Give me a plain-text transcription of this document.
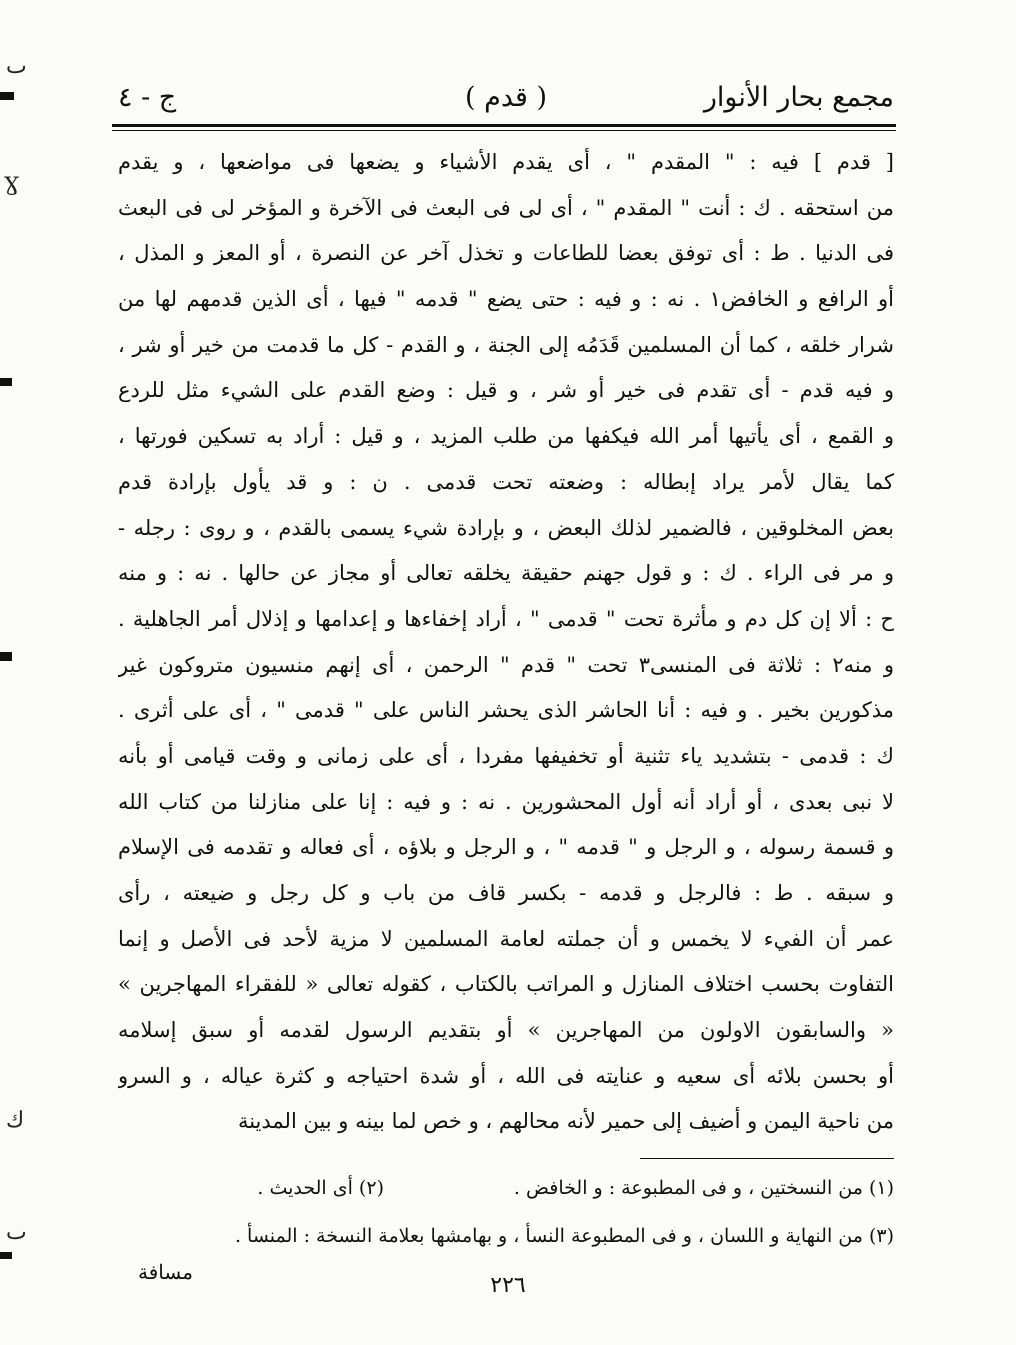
مجمع بحار الأنوار
( قدم )
ج - ٤
[ قدم ] فيه : " المقدم " ، أى يقدم الأشياء و يضعها فى مواضعها ، و يقدم
من استحقه . ك : أنت " المقدم " ، أى لى فى البعث فى الآخرة و المؤخر لى فى البعث
فى الدنيا . ط : أى توفق بعضا للطاعات و تخذل آخر عن النصرة ، أو المعز و المذل ،
أو الرافع و الخافض١ . نه : و فيه : حتى يضع " قدمه " فيها ، أى الذين قدمهم لها من
شرار خلقه ، كما أن المسلمين قَدَمُه إلى الجنة ، و القدم - كل ما قدمت من خير أو شر ،
و فيه قدم - أى تقدم فى خير أو شر ، و قيل : وضع القدم على الشيء مثل للردع
و القمع ، أى يأتيها أمر الله فيكفها من طلب المزيد ، و قيل : أراد به تسكين فورتها ،
كما يقال لأمر يراد إبطاله : وضعته تحت قدمى . ن : و قد يأول بإرادة قدم
بعض المخلوقين ، فالضمير لذلك البعض ، و بإرادة شيء يسمى بالقدم ، و روى : رجله -
و مر فى الراء . ك : و قول جهنم حقيقة يخلقه تعالى أو مجاز عن حالها . نه : و منه
ح : ألا إن كل دم و مأثرة تحت " قدمى " ، أراد إخفاءها و إعدامها و إذلال أمر الجاهلية .
و منه٢ : ثلاثة فى المنسى٣ تحت " قدم " الرحمن ، أى إنهم منسيون متروكون غير
مذكورين بخير . و فيه : أنا الحاشر الذى يحشر الناس على " قدمى " ، أى على أثرى .
ك : قدمى - بتشديد ياء تثنية أو تخفيفها مفردا ، أى على زمانى و وقت قيامى أو بأنه
لا نبى بعدى ، أو أراد أنه أول المحشورين . نه : و فيه : إنا على منازلنا من كتاب الله
و قسمة رسوله ، و الرجل و " قدمه " ، و الرجل و بلاؤه ، أى فعاله و تقدمه فى الإسلام
و سبقه . ط : فالرجل و قدمه - بكسر قاف من باب و كل رجل و ضيعته ، رأى
عمر أن الفيء لا يخمس و أن جملته لعامة المسلمين لا مزية لأحد فى الأصل و إنما
التفاوت بحسب اختلاف المنازل و المراتب بالكتاب ، كقوله تعالى « للفقراء المهاجرين »
« والسابقون الاولون من المهاجرين » أو بتقديم الرسول لقدمه أو سبق إسلامه
أو بحسن بلائه أى سعيه و عنايته فى الله ، أو شدة احتياجه و كثرة عياله ، و السرو
من ناحية اليمن و أضيف إلى حمير لأنه محالهم ، و خص لما بينه و بين المدينة
(١) من النسختين ، و فى المطبوعة : و الخافض .
(٢) أى الحديث .
(٣) من النهاية و اللسان ، و فى المطبوعة النسأ ، و بهامشها بعلامة النسخة : المنسأ .
مسافة
٢٢٦
ٮ
Ɣ
ﻙ
ٮ
